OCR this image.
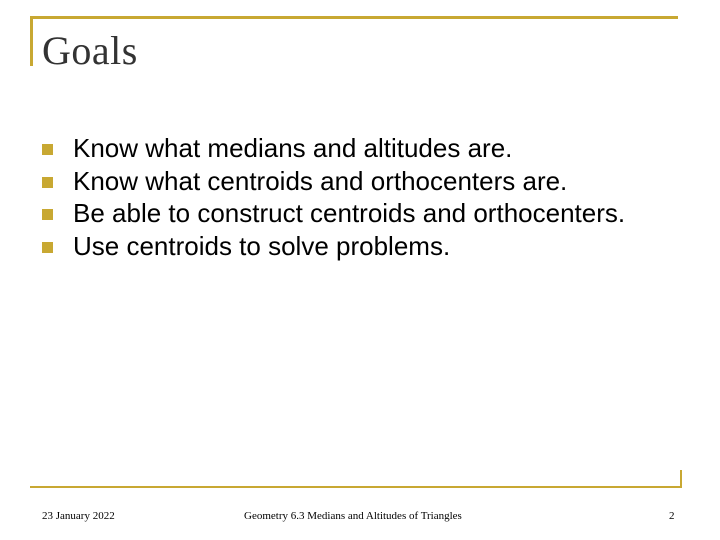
Goals
Know what medians and altitudes are.
Know what centroids and orthocenters are.
Be able to construct centroids and orthocenters.
Use centroids to solve problems.
23 January 2022	Geometry 6.3 Medians and Altitudes of Triangles	2
